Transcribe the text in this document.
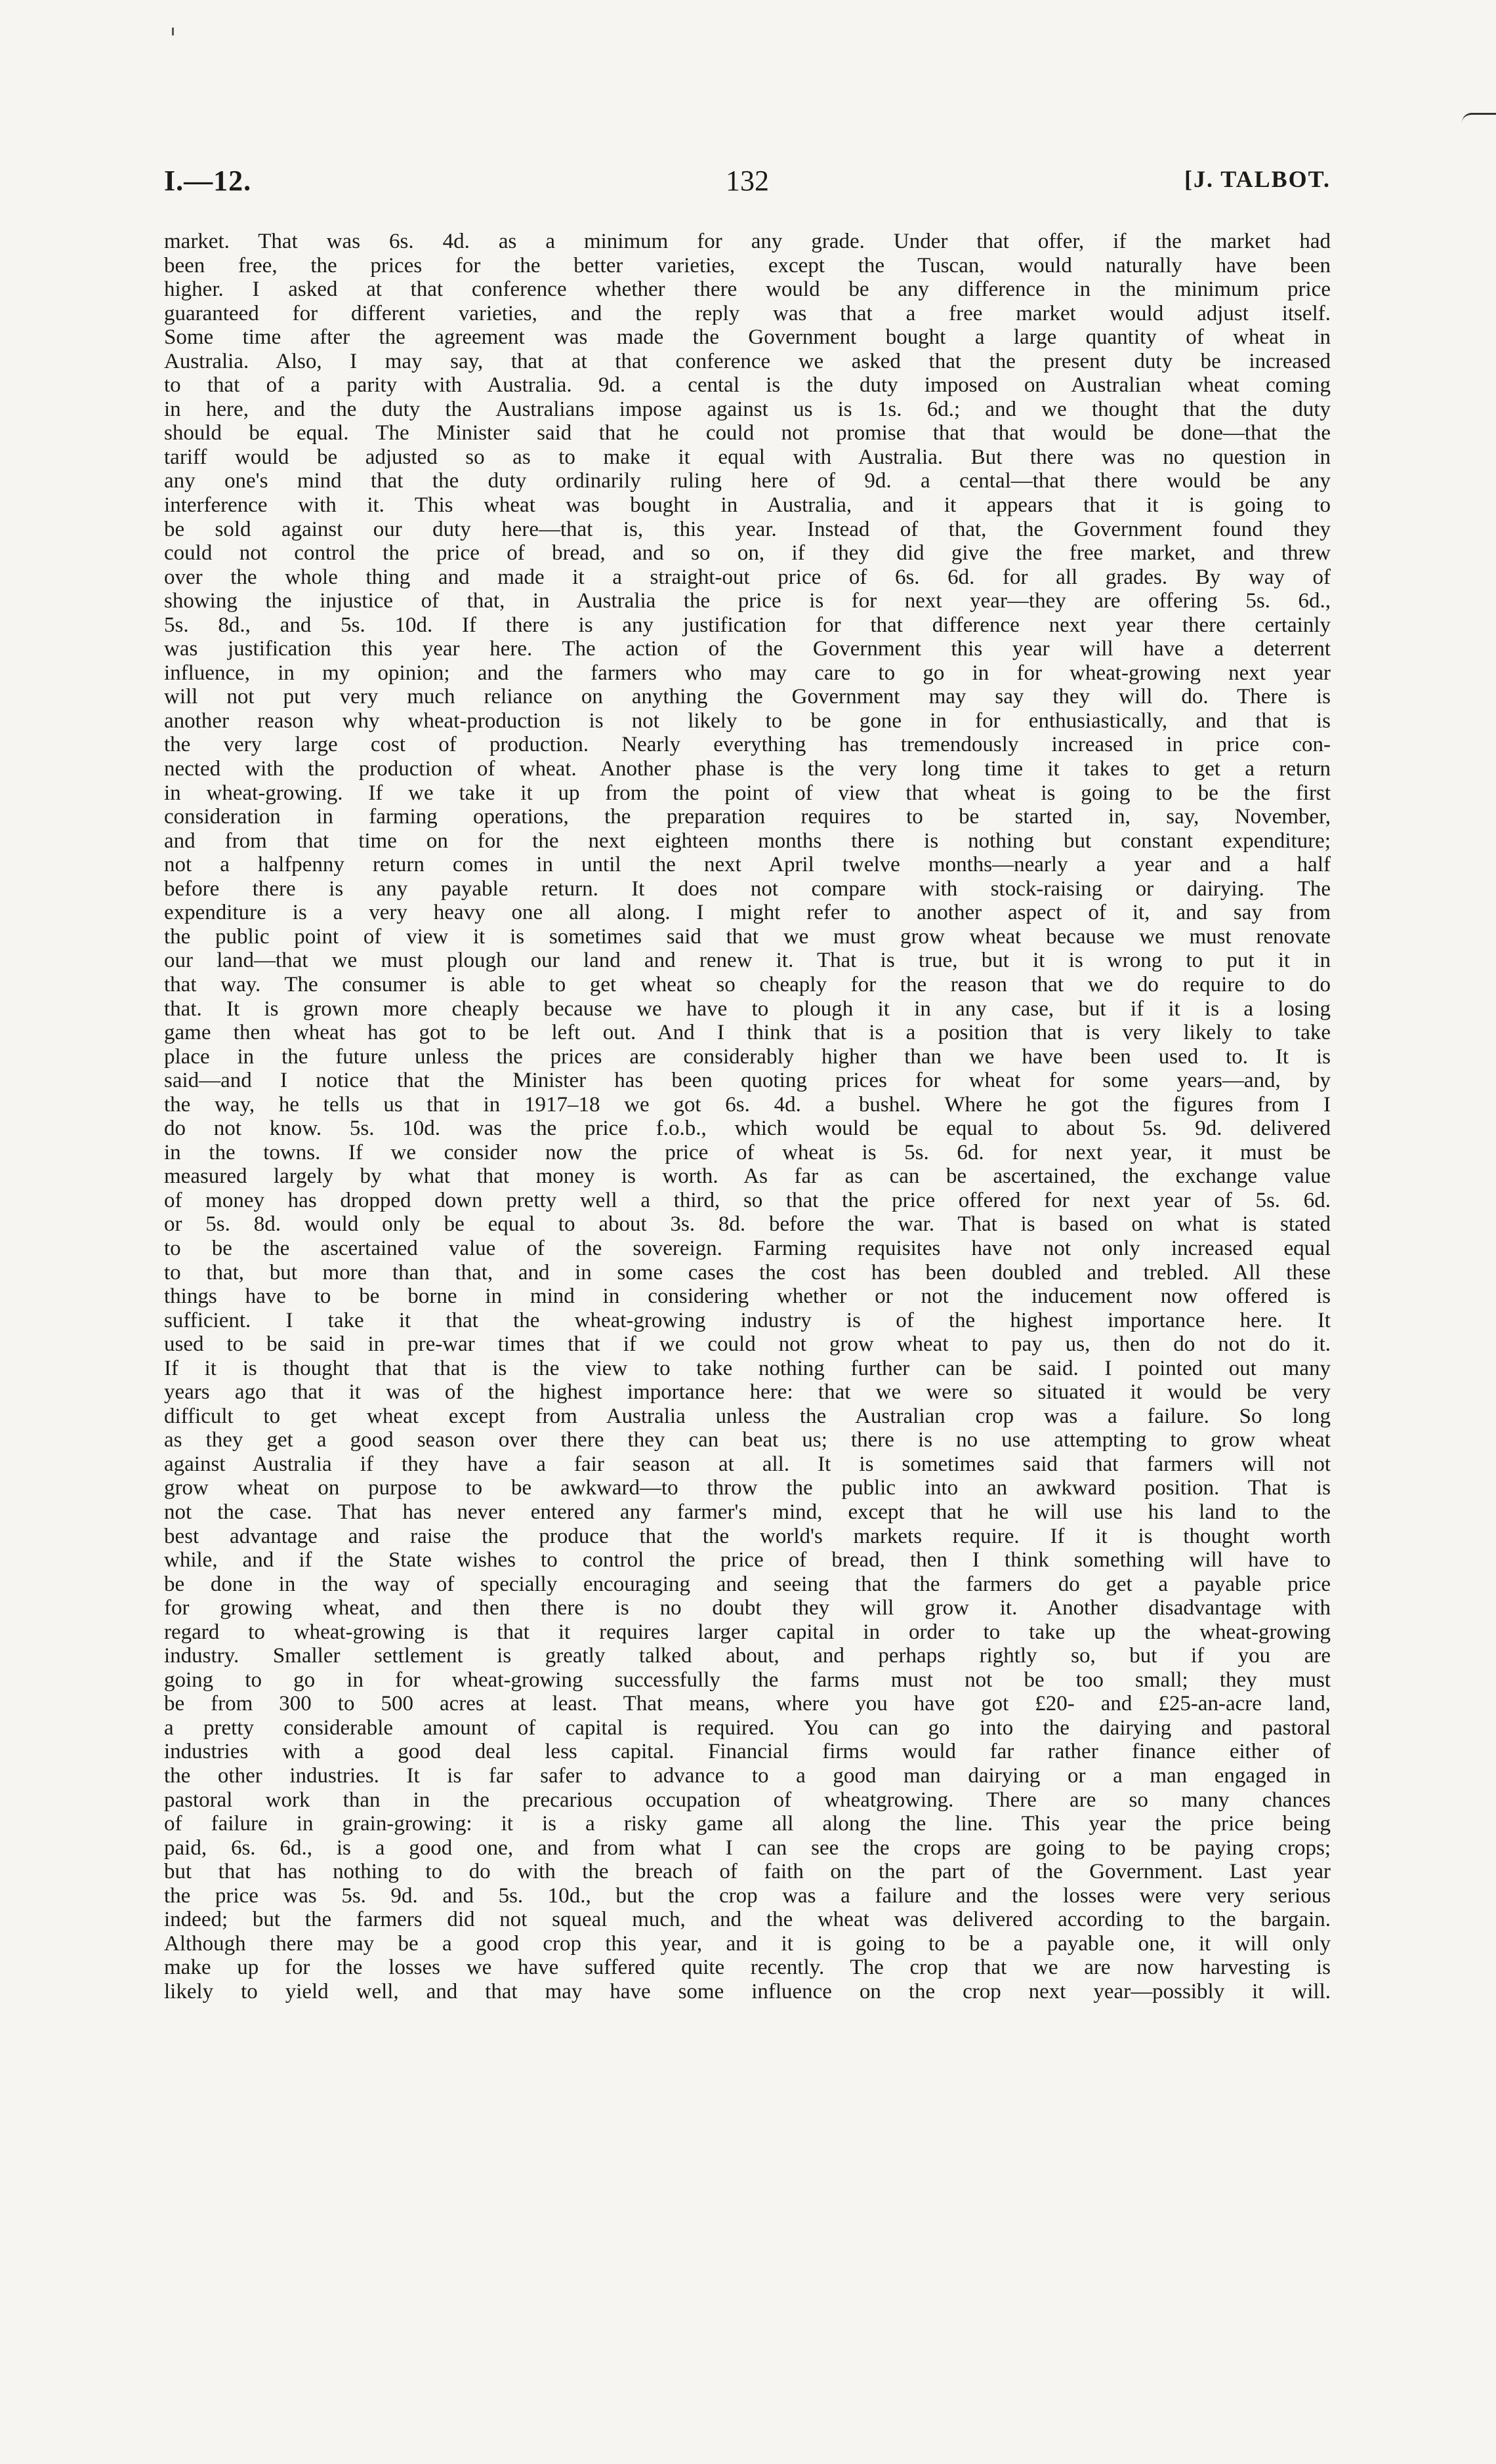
I.—12.	132	[J. TALBOT.
market. That was 6s. 4d. as a minimum for any grade. Under that offer, if the market had
been free, the prices for the better varieties, except the Tuscan, would naturally have been
higher. I asked at that conference whether there would be any difference in the minimum price
guaranteed for different varieties, and the reply was that a free market would adjust itself.
Some time after the agreement was made the Government bought a large quantity of wheat in
Australia. Also, I may say, that at that conference we asked that the present duty be increased
to that of a parity with Australia. 9d. a cental is the duty imposed on Australian wheat coming
in here, and the duty the Australians impose against us is 1s. 6d.; and we thought that the duty
should be equal. The Minister said that he could not promise that that would be done—that the
tariff would be adjusted so as to make it equal with Australia. But there was no question in
any one's mind that the duty ordinarily ruling here of 9d. a cental—that there would be any
interference with it. This wheat was bought in Australia, and it appears that it is going to
be sold against our duty here—that is, this year. Instead of that, the Government found they
could not control the price of bread, and so on, if they did give the free market, and threw
over the whole thing and made it a straight-out price of 6s. 6d. for all grades. By way of
showing the injustice of that, in Australia the price is for next year—they are offering 5s. 6d.,
5s. 8d., and 5s. 10d. If there is any justification for that difference next year there certainly
was justification this year here. The action of the Government this year will have a deterrent
influence, in my opinion; and the farmers who may care to go in for wheat-growing next year
will not put very much reliance on anything the Government may say they will do. There is
another reason why wheat-production is not likely to be gone in for enthusiastically, and that is
the very large cost of production. Nearly everything has tremendously increased in price con-
nected with the production of wheat. Another phase is the very long time it takes to get a return
in wheat-growing. If we take it up from the point of view that wheat is going to be the first
consideration in farming operations, the preparation requires to be started in, say, November,
and from that time on for the next eighteen months there is nothing but constant expenditure;
not a halfpenny return comes in until the next April twelve months—nearly a year and a half
before there is any payable return. It does not compare with stock-raising or dairying. The
expenditure is a very heavy one all along. I might refer to another aspect of it, and say from
the public point of view it is sometimes said that we must grow wheat because we must renovate
our land—that we must plough our land and renew it. That is true, but it is wrong to put it in
that way. The consumer is able to get wheat so cheaply for the reason that we do require to do
that. It is grown more cheaply because we have to plough it in any case, but if it is a losing
game then wheat has got to be left out. And I think that is a position that is very likely to take
place in the future unless the prices are considerably higher than we have been used to. It is
said—and I notice that the Minister has been quoting prices for wheat for some years—and, by
the way, he tells us that in 1917–18 we got 6s. 4d. a bushel. Where he got the figures from I
do not know. 5s. 10d. was the price f.o.b., which would be equal to about 5s. 9d. delivered
in the towns. If we consider now the price of wheat is 5s. 6d. for next year, it must be
measured largely by what that money is worth. As far as can be ascertained, the exchange value
of money has dropped down pretty well a third, so that the price offered for next year of 5s. 6d.
or 5s. 8d. would only be equal to about 3s. 8d. before the war. That is based on what is stated
to be the ascertained value of the sovereign. Farming requisites have not only increased equal
to that, but more than that, and in some cases the cost has been doubled and trebled. All these
things have to be borne in mind in considering whether or not the inducement now offered is
sufficient. I take it that the wheat-growing industry is of the highest importance here. It
used to be said in pre-war times that if we could not grow wheat to pay us, then do not do it.
If it is thought that that is the view to take nothing further can be said. I pointed out many
years ago that it was of the highest importance here: that we were so situated it would be very
difficult to get wheat except from Australia unless the Australian crop was a failure. So long
as they get a good season over there they can beat us; there is no use attempting to grow wheat
against Australia if they have a fair season at all. It is sometimes said that farmers will not
grow wheat on purpose to be awkward—to throw the public into an awkward position. That is
not the case. That has never entered any farmer's mind, except that he will use his land to the
best advantage and raise the produce that the world's markets require. If it is thought worth
while, and if the State wishes to control the price of bread, then I think something will have to
be done in the way of specially encouraging and seeing that the farmers do get a payable price
for growing wheat, and then there is no doubt they will grow it. Another disadvantage with
regard to wheat-growing is that it requires larger capital in order to take up the wheat-growing
industry. Smaller settlement is greatly talked about, and perhaps rightly so, but if you are
going to go in for wheat-growing successfully the farms must not be too small; they must
be from 300 to 500 acres at least. That means, where you have got £20- and £25-an-acre land,
a pretty considerable amount of capital is required. You can go into the dairying and pastoral
industries with a good deal less capital. Financial firms would far rather finance either of
the other industries. It is far safer to advance to a good man dairying or a man engaged in
pastoral work than in the precarious occupation of wheatgrowing. There are so many chances
of failure in grain-growing: it is a risky game all along the line. This year the price being
paid, 6s. 6d., is a good one, and from what I can see the crops are going to be paying crops;
but that has nothing to do with the breach of faith on the part of the Government. Last year
the price was 5s. 9d. and 5s. 10d., but the crop was a failure and the losses were very serious
indeed; but the farmers did not squeal much, and the wheat was delivered according to the bargain.
Although there may be a good crop this year, and it is going to be a payable one, it will only
make up for the losses we have suffered quite recently. The crop that we are now harvesting is
likely to yield well, and that may have some influence on the crop next year—possibly it will.
